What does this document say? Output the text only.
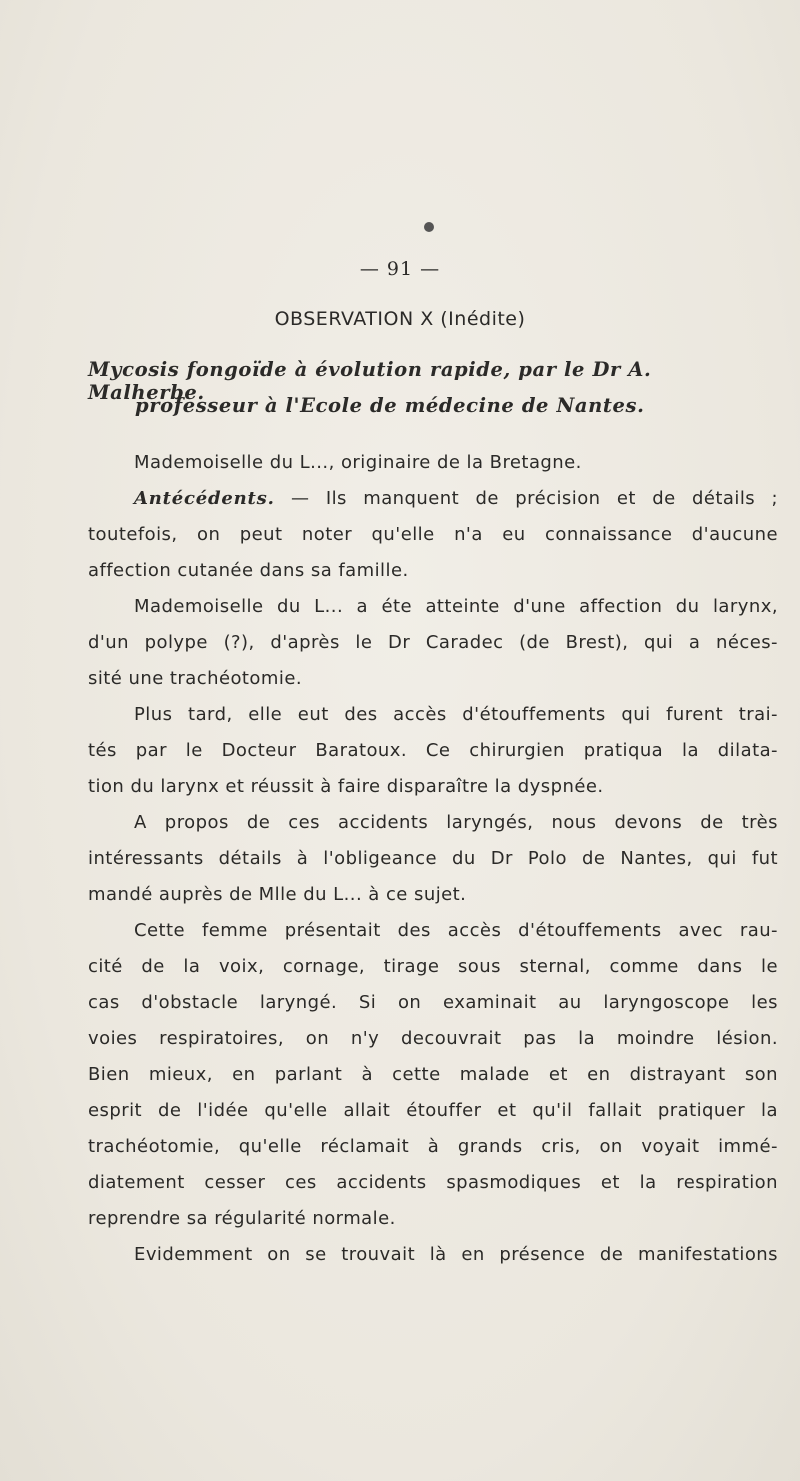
— 91 —
OBSERVATION X (Inédite)
Mycosis fongoïde à évolution rapide, par le Dr A. Malherbe.
professeur à l'Ecole de médecine de Nantes.
Mademoiselle du L..., originaire de la Bretagne.
Antécédents. — Ils manquent de précision et de détails ;
toutefois, on peut noter qu'elle n'a eu connaissance d'aucune
affection cutanée dans sa famille.
Mademoiselle du L... a éte atteinte d'une affection du larynx,
d'un polype (?), d'après le Dr Caradec (de Brest), qui a néces-
sité une trachéotomie.
Plus tard, elle eut des accès d'étouffements qui furent trai-
tés par le Docteur Baratoux. Ce chirurgien pratiqua la dilata-
tion du larynx et réussit à faire disparaître la dyspnée.
A propos de ces accidents laryngés, nous devons de très
intéressants détails à l'obligeance du Dr Polo de Nantes, qui fut
mandé auprès de Mlle du L... à ce sujet.
Cette femme présentait des accès d'étouffements avec rau-
cité de la voix, cornage, tirage sous sternal, comme dans le
cas d'obstacle laryngé. Si on examinait au laryngoscope les
voies respiratoires, on n'y decouvrait pas la moindre lésion.
Bien mieux, en parlant à cette malade et en distrayant son
esprit de l'idée qu'elle allait étouffer et qu'il fallait pratiquer la
trachéotomie, qu'elle réclamait à grands cris, on voyait immé-
diatement cesser ces accidents spasmodiques et la respiration
reprendre sa régularité normale.
Evidemment on se trouvait là en présence de manifestations
